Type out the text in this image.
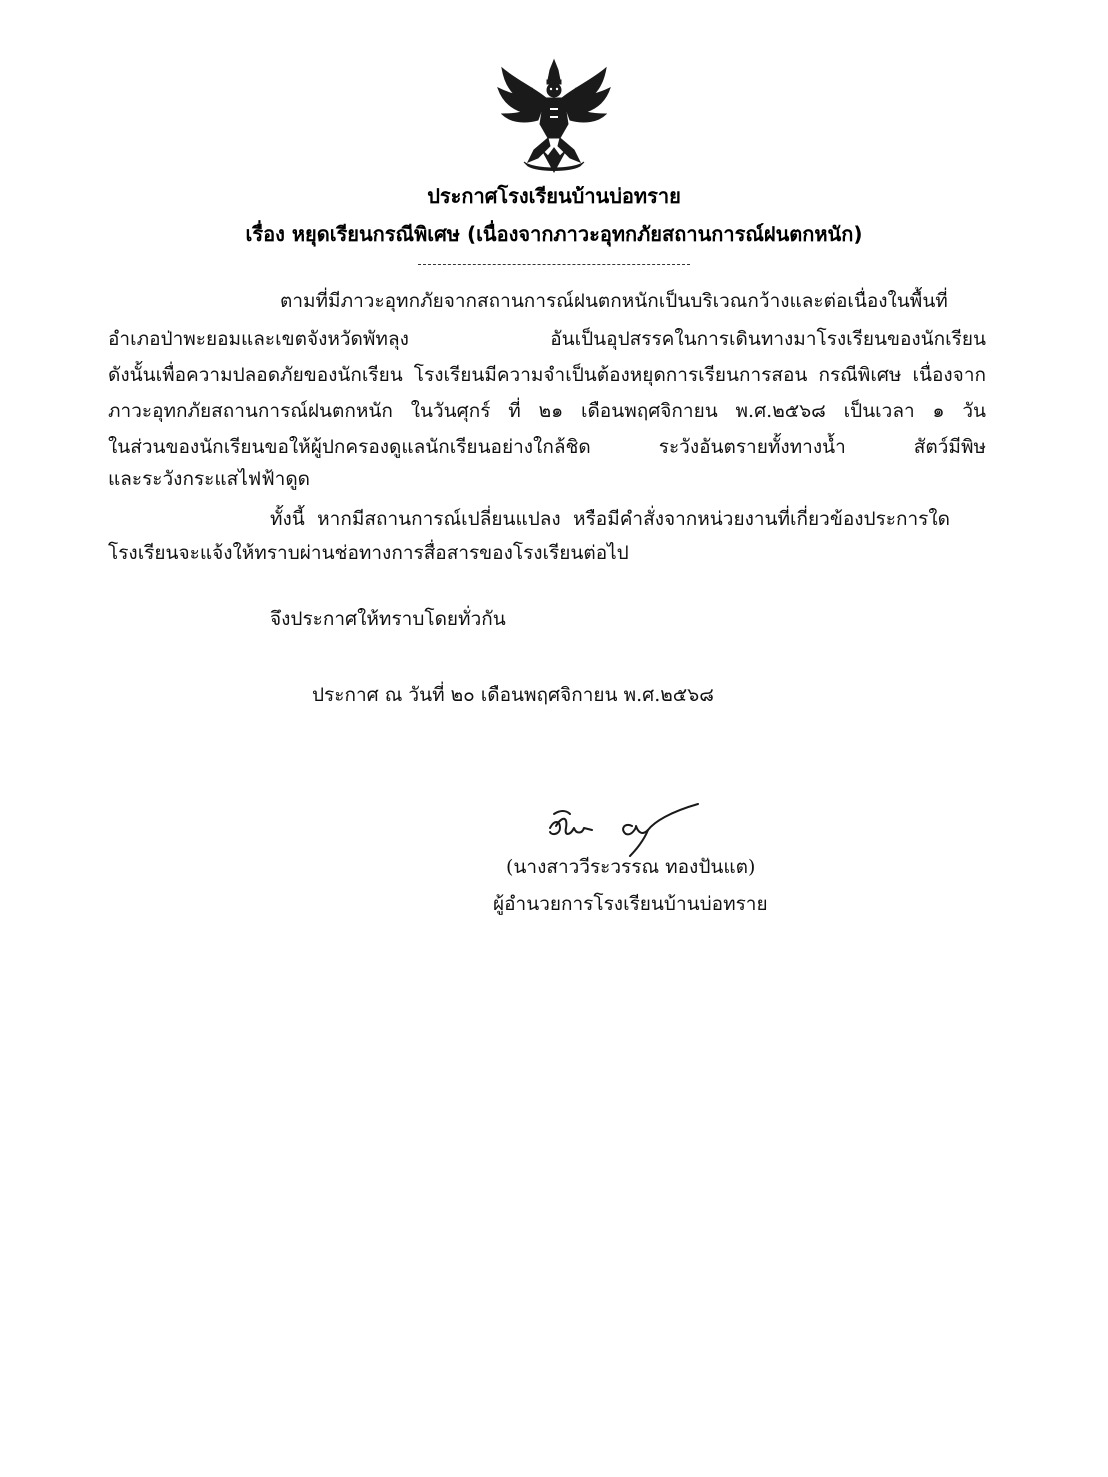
ประกาศโรงเรียนบ้านบ่อทราย
เรื่อง หยุดเรียนกรณีพิเศษ (เนื่องจากภาวะอุทกภัยสถานการณ์ฝนตกหนัก)
ตามที่มีภาวะอุทกภัยจากสถานการณ์ฝนตกหนักเป็นบริเวณกว้างและต่อเนื่องในพื้นที่
อำเภอป่าพะยอมและเขตจังหวัดพัทลุง อันเป็นอุปสรรคในการเดินทางมาโรงเรียนของนักเรียน
ดังนั้นเพื่อความปลอดภัยของนักเรียน โรงเรียนมีความจำเป็นต้องหยุดการเรียนการสอน กรณีพิเศษ เนื่องจาก
ภาวะอุทกภัยสถานการณ์ฝนตกหนัก ในวันศุกร์ ที่ ๒๑ เดือนพฤศจิกายน พ.ศ.๒๕๖๘ เป็นเวลา ๑ วัน
ในส่วนของนักเรียนขอให้ผู้ปกครองดูแลนักเรียนอย่างใกล้ชิด ระวังอันตรายทั้งทางน้ำ สัตว์มีพิษ
และระวังกระแสไฟฟ้าดูด
ทั้งนี้ หากมีสถานการณ์เปลี่ยนแปลง หรือมีคำสั่งจากหน่วยงานที่เกี่ยวข้องประการใด
โรงเรียนจะแจ้งให้ทราบผ่านช่อทางการสื่อสารของโรงเรียนต่อไป
จึงประกาศให้ทราบโดยทั่วกัน
ประกาศ ณ วันที่ ๒๐ เดือนพฤศจิกายน พ.ศ.๒๕๖๘
(นางสาววีระวรรณ ทองปันแต)
ผู้อำนวยการโรงเรียนบ้านบ่อทราย
